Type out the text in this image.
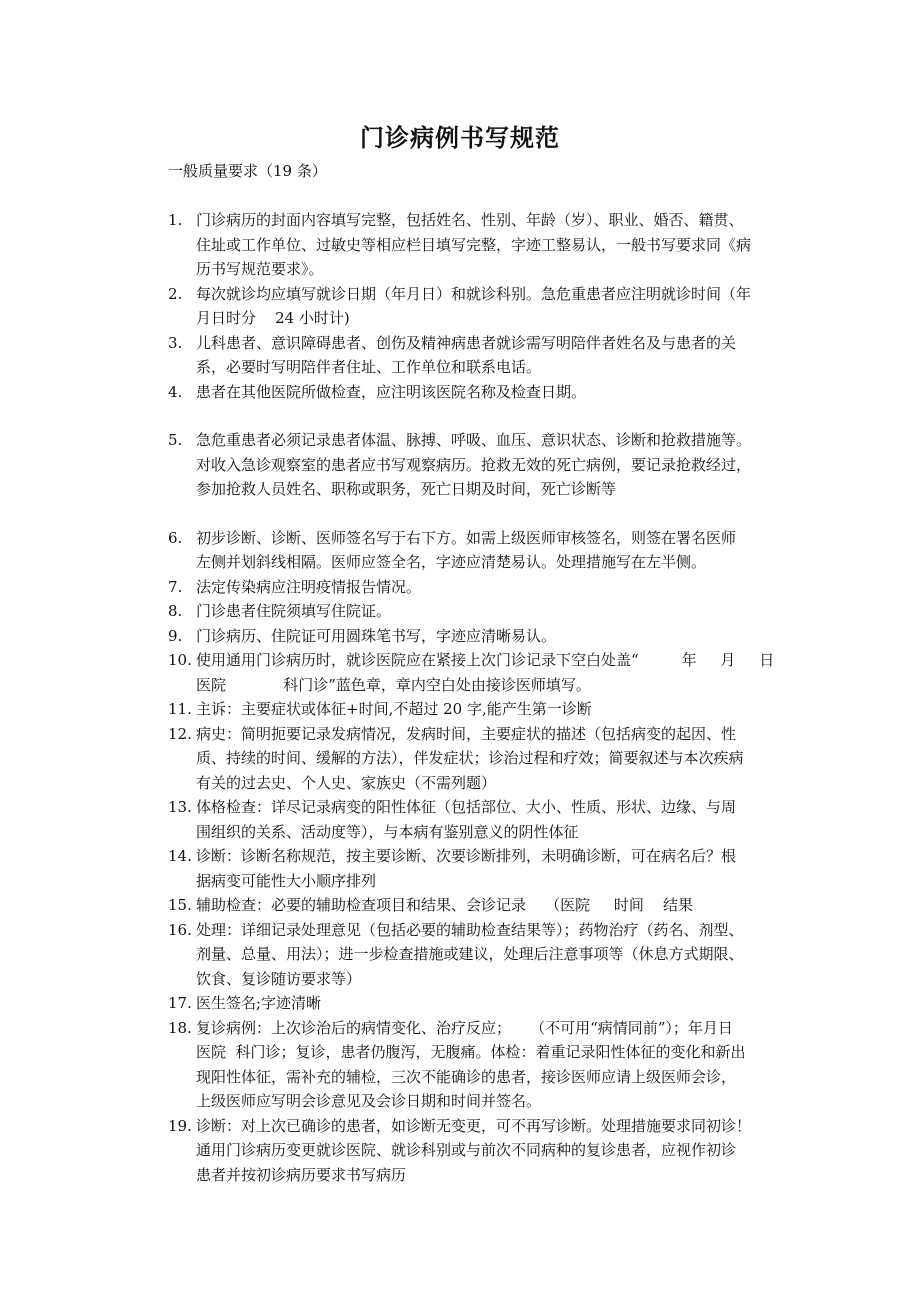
门诊病例书写规范
一般质量要求（19 条）
1. 门诊病历的封面内容填写完整，包括姓名、性别、年龄（岁）、职业、婚否、籍贯、
住址或工作单位、过敏史等相应栏目填写完整，字迹工整易认，一般书写要求同《病
历书写规范要求》。
2. 每次就诊均应填写就诊日期（年月日）和就诊科别。急危重患者应注明就诊时间（年
月日时分    24 小时计)
3. 儿科患者、意识障碍患者、创伤及精神病患者就诊需写明陪伴者姓名及与患者的关
系，必要时写明陪伴者住址、工作单位和联系电话。
4. 患者在其他医院所做检查，应注明该医院名称及检查日期。
5. 急危重患者必须记录患者体温、脉搏、呼吸、血压、意识状态、诊断和抢救措施等。
对收入急诊观察室的患者应书写观察病历。抢救无效的死亡病例，要记录抢救经过，
参加抢救人员姓名、职称或职务，死亡日期及时间，死亡诊断等
6. 初步诊断、诊断、医师签名写于右下方。如需上级医师审核签名，则签在署名医师
左侧并划斜线相隔。医师应签全名，字迹应清楚易认。处理措施写在左半侧。
7. 法定传染病应注明疫情报告情况。
8. 门诊患者住院须填写住院证。
9. 门诊病历、住院证可用圆珠笔书写，字迹应清晰易认。
10. 使用通用门诊病历时，就诊医院应在紧接上次门诊记录下空白处盖“         年     月     日
医院            科门诊”蓝色章，章内空白处由接诊医师填写。
11. 主诉：主要症状或体征+时间,不超过 20 字,能产生第一诊断
12. 病史：简明扼要记录发病情况，发病时间，主要症状的描述（包括病变的起因、性
质、持续的时间、缓解的方法），伴发症状；诊治过程和疗效；简要叙述与本次疾病
有关的过去史、个人史、家族史（不需列题）
13. 体格检查：详尽记录病变的阳性体征（包括部位、大小、性质、形状、边缘、与周
围组织的关系、活动度等），与本病有鉴别意义的阴性体征
14. 诊断：诊断名称规范，按主要诊断、次要诊断排列，未明确诊断，可在病名后？根
据病变可能性大小顺序排列
15. 辅助检查：必要的辅助检查项目和结果、会诊记录    （医院     时间    结果
16. 处理：详细记录处理意见（包括必要的辅助检查结果等）；药物治疗（药名、剂型、
剂量、总量、用法）；进一步检查措施或建议，处理后注意事项等（休息方式期限、
饮食、复诊随访要求等）
17. 医生签名;字迹清晰
18. 复诊病例：上次诊治后的病情变化、治疗反应；    （不可用“病情同前”）；年月日
医院  科门诊；复诊，患者仍腹泻，无腹痛。体检：着重记录阳性体征的变化和新出
现阳性体征，需补充的辅检，三次不能确诊的患者，接诊医师应请上级医师会诊，
上级医师应写明会诊意见及会诊日期和时间并签名。
19. 诊断：对上次已确诊的患者，如诊断无变更，可不再写诊断。处理措施要求同初诊！
通用门诊病历变更就诊医院、就诊科别或与前次不同病种的复诊患者，应视作初诊
患者并按初诊病历要求书写病历
